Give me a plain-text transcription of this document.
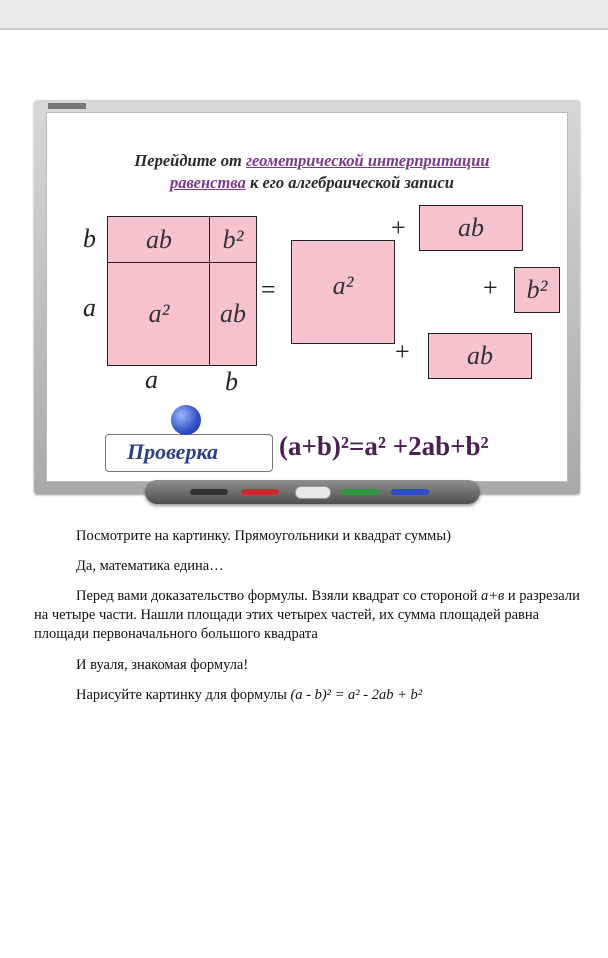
Перейдите от геометрической интерпритации
равенства к его алгебраической записи
b
a
ab	b²
a²	ab
a	b
=	a²
+	ab
+	b²
+	ab
Проверка (a+b)²=a² +2ab+b²
Посмотрите на картинку. Прямоугольники и квадрат суммы)
Да, математика едина…
Перед вами доказательство формулы. Взяли квадрат со стороной а+в и разрезали на четыре части. Нашли площади этих четырех частей, их сумма площадей равна площади первоначального большого квадрата
И вуаля, знакомая формула!
Нарисуйте картинку для формулы (a - b)² = a² - 2ab + b²
